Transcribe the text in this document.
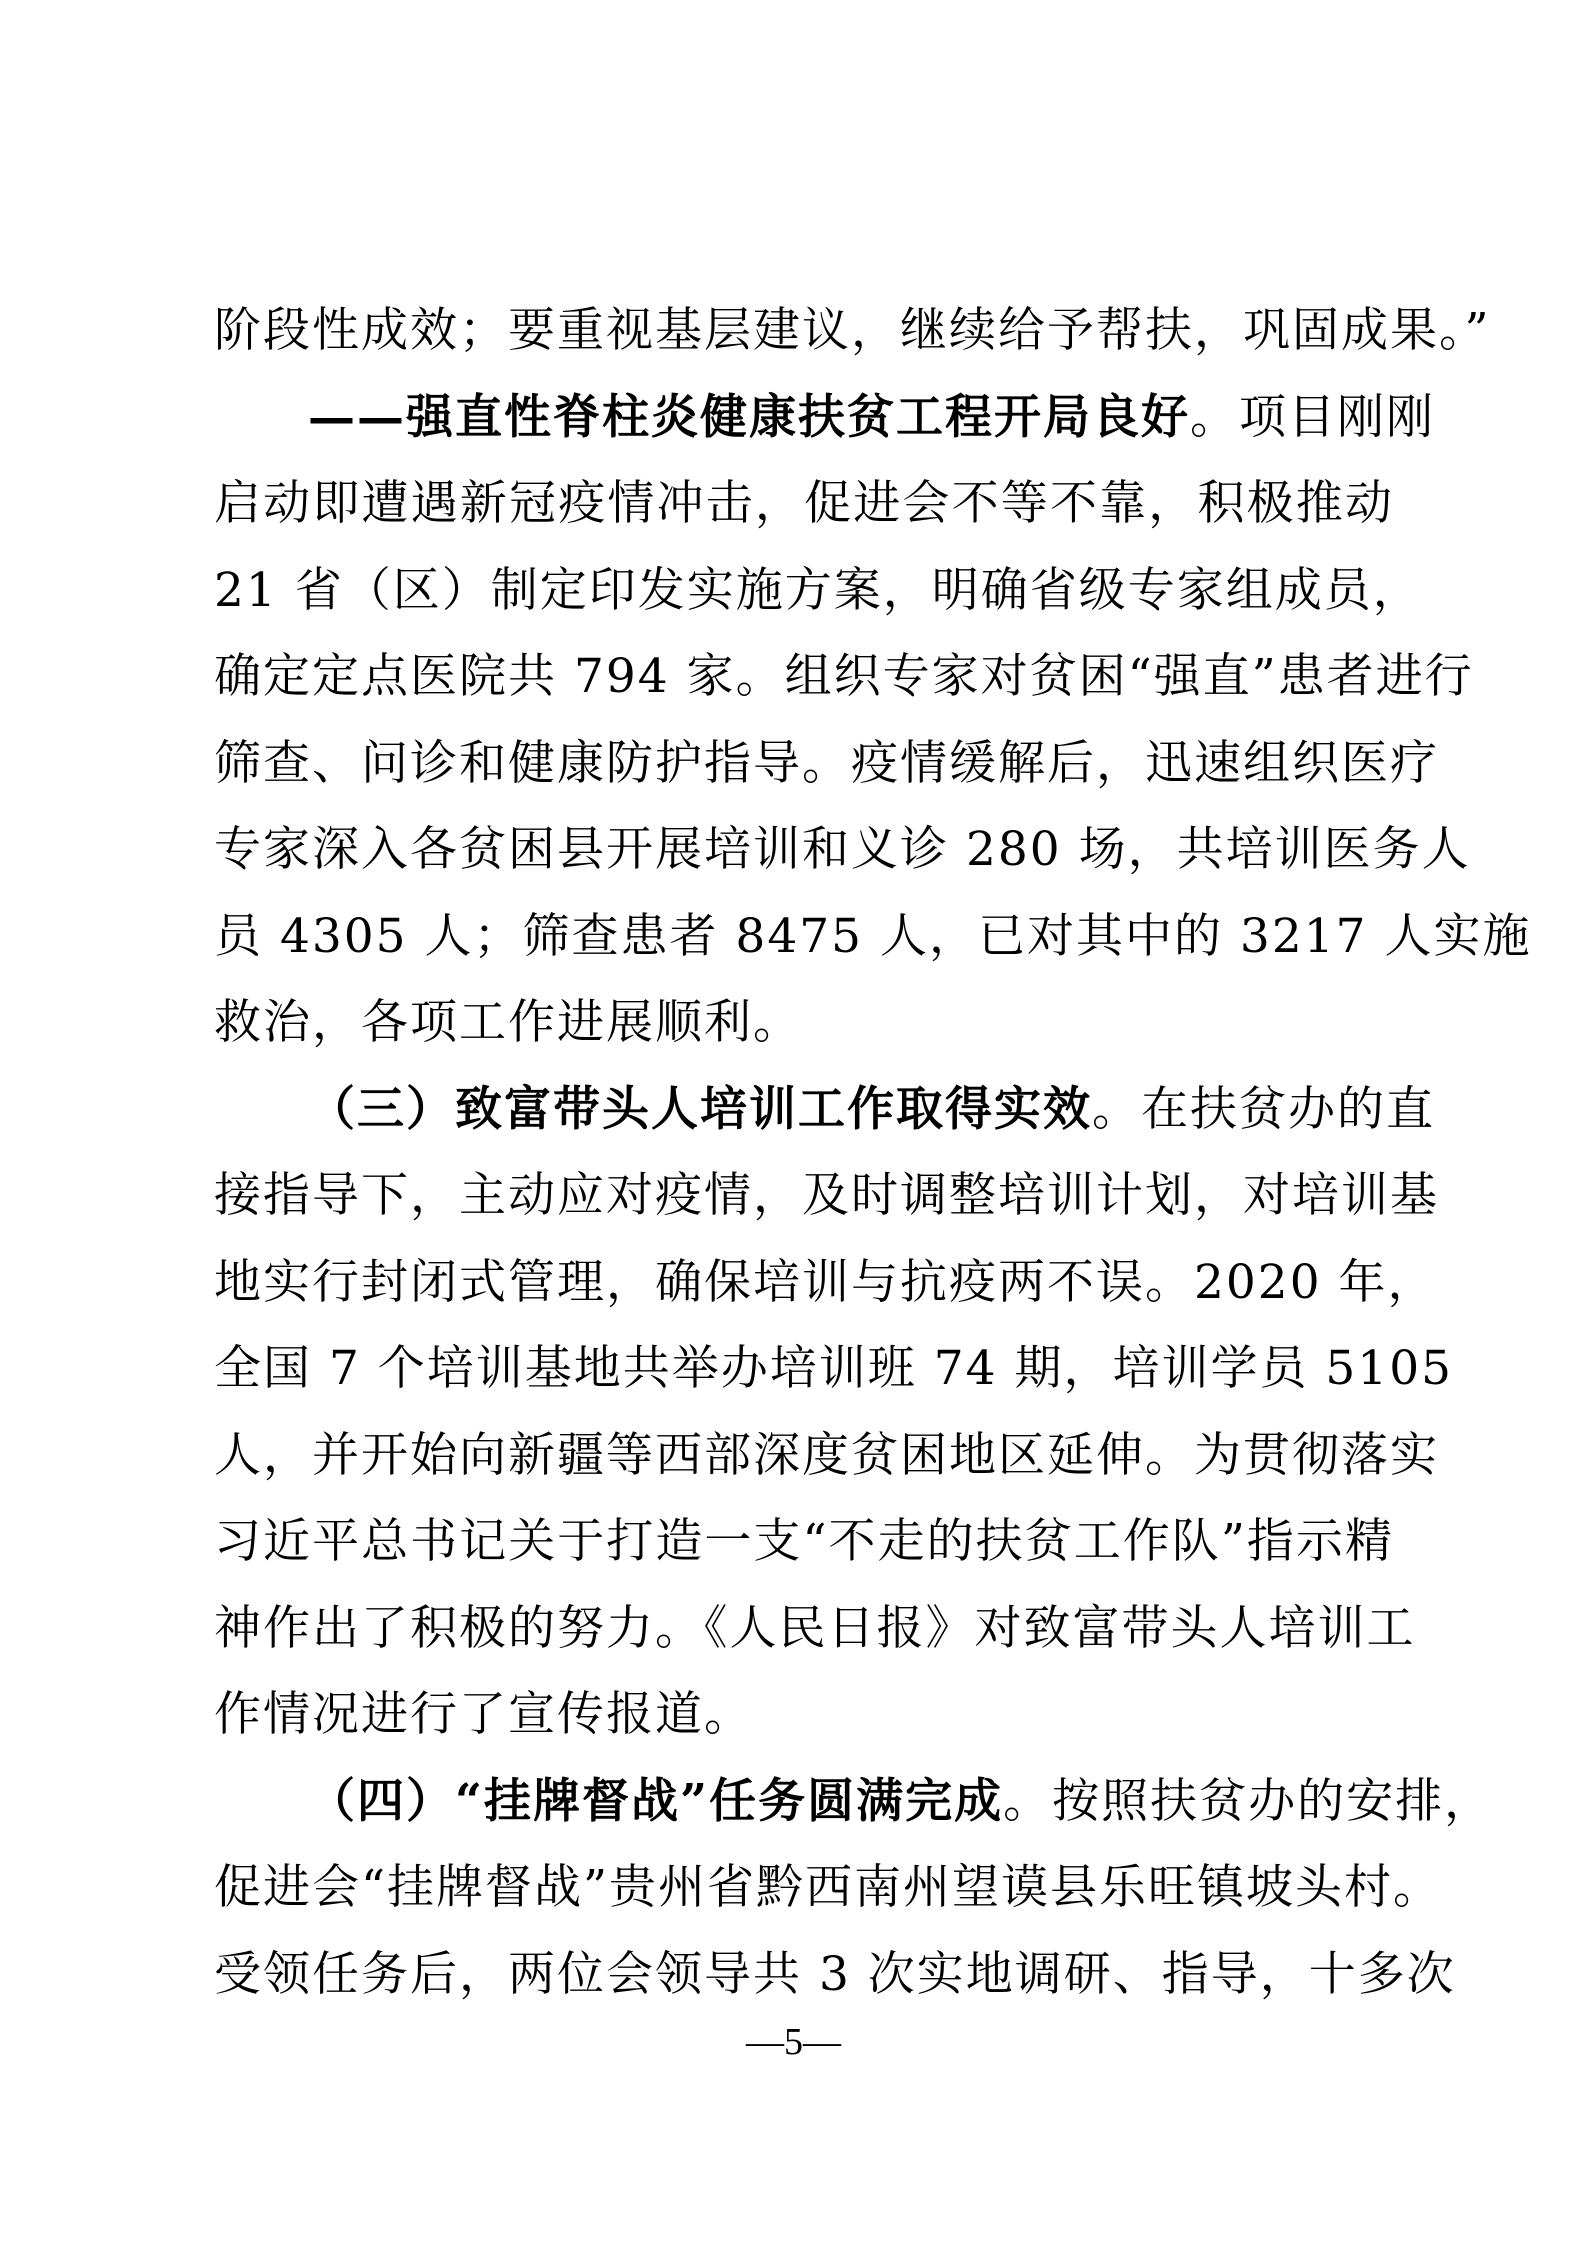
阶段性成效；要重视基层建议，继续给予帮扶，巩固成果。”
——强直性脊柱炎健康扶贫工程开局良好。项目刚刚
启动即遭遇新冠疫情冲击，促进会不等不靠，积极推动
21 省（区）制定印发实施方案，明确省级专家组成员，
确定定点医院共 794 家。组织专家对贫困“强直”患者进行
筛查、问诊和健康防护指导。疫情缓解后，迅速组织医疗
专家深入各贫困县开展培训和义诊 280 场，共培训医务人
员 4305 人；筛查患者 8475 人，已对其中的 3217 人实施
救治，各项工作进展顺利。
（三）致富带头人培训工作取得实效。在扶贫办的直
接指导下，主动应对疫情，及时调整培训计划，对培训基
地实行封闭式管理，确保培训与抗疫两不误。2020 年，
全国 7 个培训基地共举办培训班 74 期，培训学员 5105
人，并开始向新疆等西部深度贫困地区延伸。为贯彻落实
习近平总书记关于打造一支“不走的扶贫工作队”指示精
神作出了积极的努力。《人民日报》对致富带头人培训工
作情况进行了宣传报道。
（四）“挂牌督战”任务圆满完成。按照扶贫办的安排，
促进会“挂牌督战”贵州省黔西南州望谟县乐旺镇坡头村。
受领任务后，两位会领导共 3 次实地调研、指导，十多次
—5—
